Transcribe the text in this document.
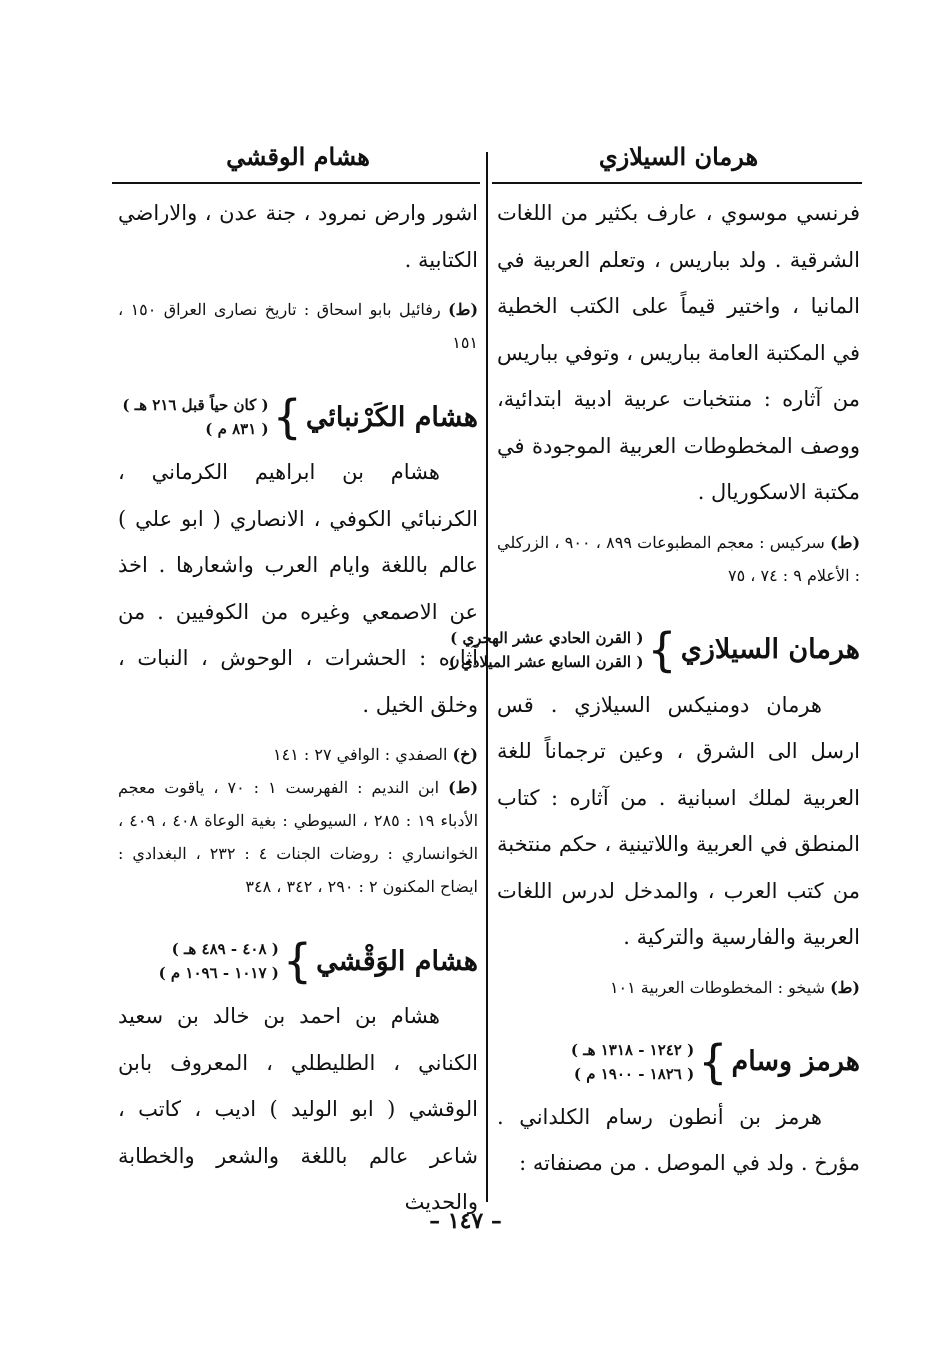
هرمان السيلازي
هشام الوقشي

فرنسي موسوي ، عارف بكثير من اللغات الشرقية . ولد بباريس ، وتعلم العربية في المانيا ، واختير قيماً على الكتب الخطية في المكتبة العامة بباريس ، وتوفي بباريس من آثاره : منتخبات عربية ادبية ابتدائية، ووصف المخطوطات العربية الموجودة في مكتبة الاسكوريال .

(ط) سركيس : معجم المطبوعات ٨٩٩ ، ٩٠٠ ، الزركلي : الأعلام ٩ : ٧٤ ، ٧٥

هرمان السيلازي
}
( القرن الحادي عشر الهجري )
( القرن السابع عشر الميلادي )

هرمان دومنيكس السيلازي . قس ارسل الى الشرق ، وعين ترجماناً للغة العربية لملك اسبانية . من آثاره : كتاب المنطق في العربية واللاتينية ، حكم منتخبة من كتب العرب ، والمدخل لدرس اللغات العربية والفارسية والتركية .

(ط) شيخو : المخطوطات العربية ١٠١

هرمز وسام
}
( ١٢٤٢ - ١٣١٨ هـ )
( ١٨٢٦ - ١٩٠٠ م )

هرمز بن أنطون رسام الكلداني . مؤرخ . ولد في الموصل . من مصنفاته :

اشور وارض نمرود ، جنة عدن ، والاراضي الكتابية .

(ط) رفائيل بابو اسحاق : تاريخ نصارى العراق ١٥٠ ، ١٥١

هشام الكَرْنبائي
}
( كان حياً قبل ٢١٦ هـ )
( ٨٣١ م )

هشام بن ابراهيم الكرماني ، الكرنبائي الكوفي ، الانصاري ( ابو علي ) عالم باللغة وايام العرب واشعارها . اخذ عن الاصمعي وغيره من الكوفيين . من آثاره : الحشرات ، الوحوش ، النبات ، وخلق الخيل .

(خ) الصفدي : الوافي ٢٧ : ١٤١

(ط) ابن النديم : الفهرست ١ : ٧٠ ، ياقوت معجم الأدباء ١٩ : ٢٨٥ ، السيوطي : بغية الوعاة ٤٠٨ ، ٤٠٩ ، الخوانساري : روضات الجنات ٤ : ٢٣٢ ، البغدادي : ايضاح المكنون ٢ : ٢٩٠ ، ٣٤٢ ، ٣٤٨

هشام الوَقْشي
}
( ٤٠٨ - ٤٨٩ هـ )
( ١٠١٧ - ١٠٩٦ م )

هشام بن احمد بن خالد بن سعيد الكناني ، الطليطلي ، المعروف بابن الوقشي ( ابو الوليد ) اديب ، كاتب ، شاعر عالم باللغة والشعر والخطابة والحديث

– ١٤٧ –
